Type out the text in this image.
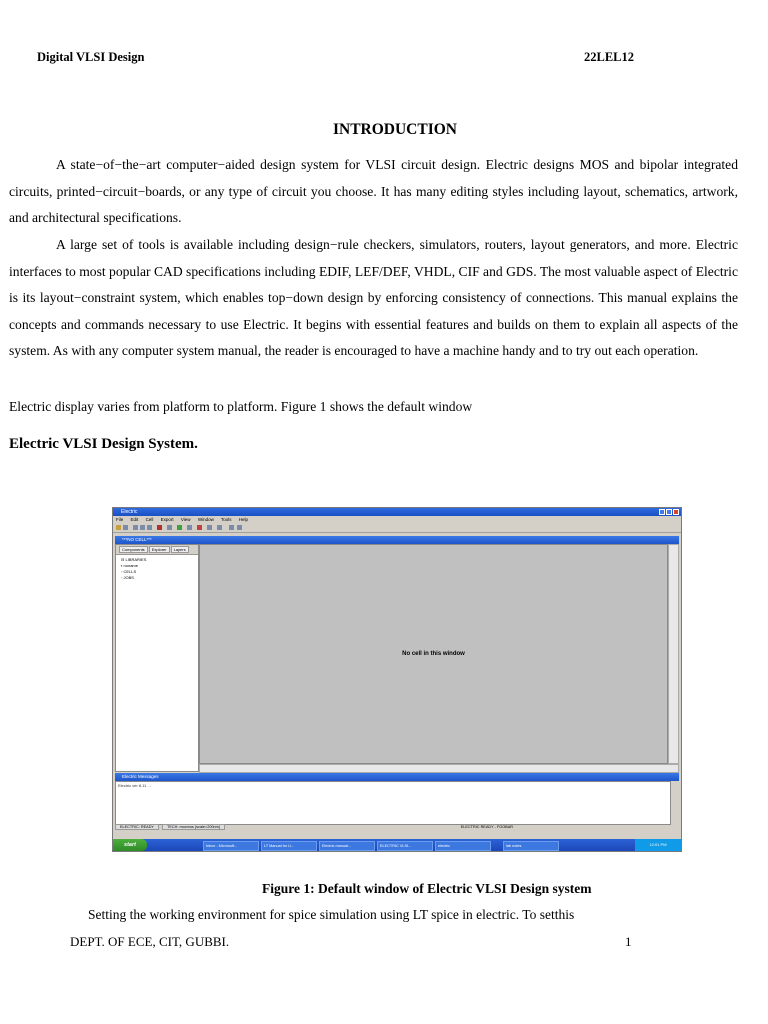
Digital VLSI Design	22LEL12
INTRODUCTION

A state−of−the−art computer−aided design system for VLSI circuit design. Electric designs MOS and bipolar integrated circuits, printed−circuit−boards, or any type of circuit you choose. It has many editing styles including layout, schematics, artwork, and architectural specifications.

A large set of tools is available including design−rule checkers, simulators, routers, layout generators, and more. Electric interfaces to most popular CAD specifications including EDIF, LEF/DEF, VHDL, CIF and GDS. The most valuable aspect of Electric is its layout−constraint system, which enables top−down design by enforcing consistency of connections. This manual explains the concepts and commands necessary to use Electric. It begins with essential features and builds on them to explain all aspects of the system. As with any computer system manual, the reader is encouraged to have a machine handy and to try out each operation.

Electric display varies from platform to platform. Figure 1 shows the default window

Electric VLSI Design System.
Electric
File Edit Cell Export View Window Tools Help
***NO CELL***
Components Explorer Layers
⊟ LIBRARIES
▪ noname
◦ CELLS
◦ JOBS
No cell in this window
Electric Messages
Electric ver 8.11 ...
ELECTRIC: READY	TECH: mocmos (scale=200nm)	ELECTRIC READY - FOOBAR
start	Inbox - Microsoft...	LT Manual for Ll...	Electric manual...	ELECTRIC VLSI...	electric	lab notes	12:01 PM
Figure 1: Default window of Electric VLSI Design system
Setting the working environment for spice simulation using LT spice in electric. To setthis
DEPT. OF ECE, CIT, GUBBI.	1
